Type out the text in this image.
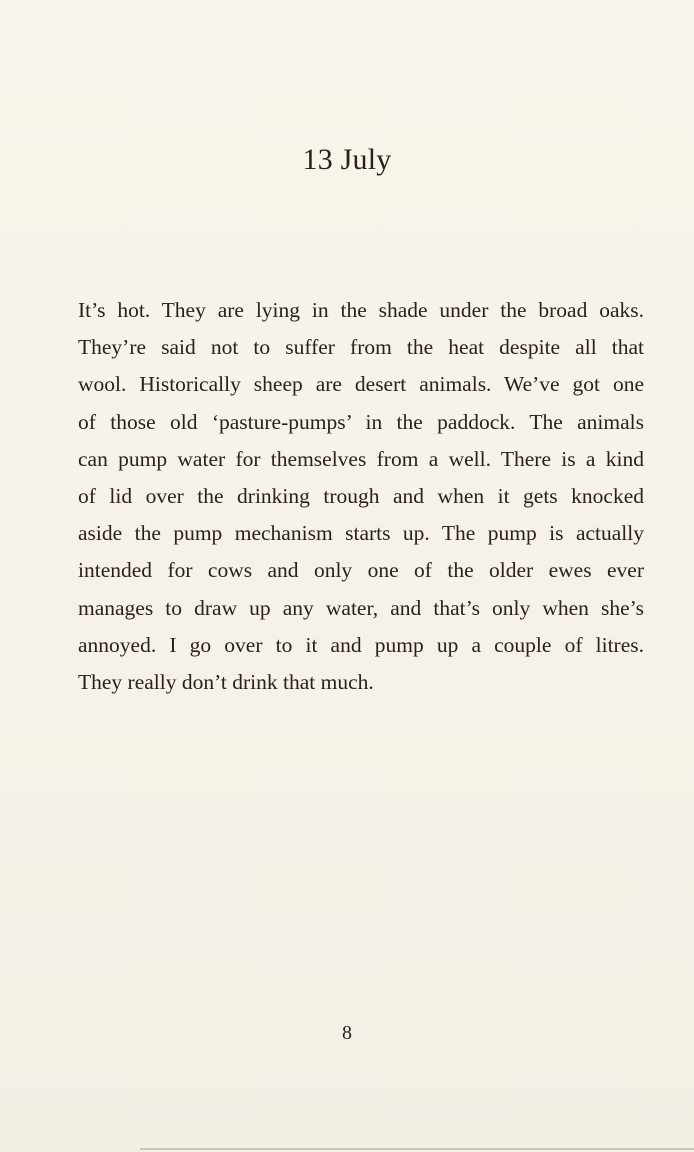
13 July
It’s hot. They are lying in the shade under the broad oaks.
They’re said not to suffer from the heat despite all that
wool. Historically sheep are desert animals. We’ve got one
of those old ‘pasture-pumps’ in the paddock. The animals
can pump water for themselves from a well. There is a kind
of lid over the drinking trough and when it gets knocked
aside the pump mechanism starts up. The pump is actually
intended for cows and only one of the older ewes ever
manages to draw up any water, and that’s only when she’s
annoyed. I go over to it and pump up a couple of litres.
They really don’t drink that much.
8
